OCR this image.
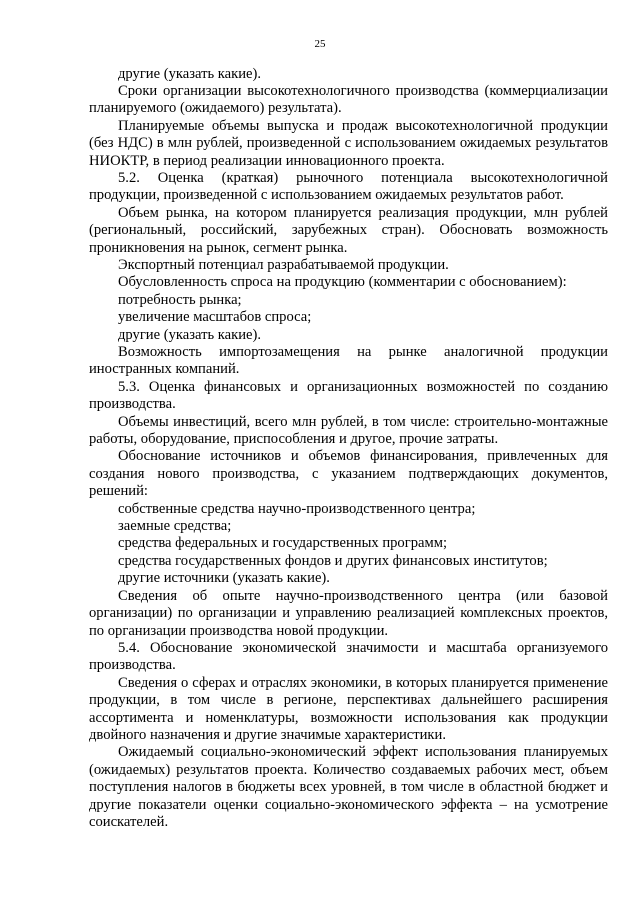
25

другие (указать какие).

Сроки организации высокотехнологичного производства (коммерциализации планируемого (ожидаемого) результата).

Планируемые объемы выпуска и продаж высокотехнологичной продукции (без НДС) в млн рублей, произведенной с использованием ожидаемых результатов НИОКТР, в период реализации инновационного проекта.

5.2. Оценка (краткая) рыночного потенциала высокотехнологичной продукции, произведенной с использованием ожидаемых результатов работ.

Объем рынка, на котором планируется реализация продукции, млн рублей (региональный, российский, зарубежных стран). Обосновать возможность проникновения на рынок, сегмент рынка.

Экспортный потенциал разрабатываемой продукции.

Обусловленность спроса на продукцию (комментарии с обоснованием):

потребность рынка;

увеличение масштабов спроса;

другие (указать какие).

Возможность импортозамещения на рынке аналогичной продукции иностранных компаний.

5.3. Оценка финансовых и организационных возможностей по созданию производства.

Объемы инвестиций, всего млн рублей, в том числе: строительно-монтажные работы, оборудование, приспособления и другое, прочие затраты.

Обоснование источников и объемов финансирования, привлеченных для создания нового производства, с указанием подтверждающих документов, решений:

собственные средства научно-производственного центра;

заемные средства;

средства федеральных и государственных программ;

средства государственных фондов и других финансовых институтов;

другие источники (указать какие).

Сведения об опыте научно-производственного центра (или базовой организации) по организации и управлению реализацией комплексных проектов, по организации производства новой продукции.

5.4. Обоснование экономической значимости и масштаба организуемого производства.

Сведения о сферах и отраслях экономики, в которых планируется применение продукции, в том числе в регионе, перспективах дальнейшего расширения ассортимента и номенклатуры, возможности использования как продукции двойного назначения и другие значимые характеристики.

Ожидаемый социально-экономический эффект использования планируемых (ожидаемых) результатов проекта. Количество создаваемых рабочих мест, объем поступления налогов в бюджеты всех уровней, в том числе в областной бюджет и другие показатели оценки социально-экономического эффекта – на усмотрение соискателей.
